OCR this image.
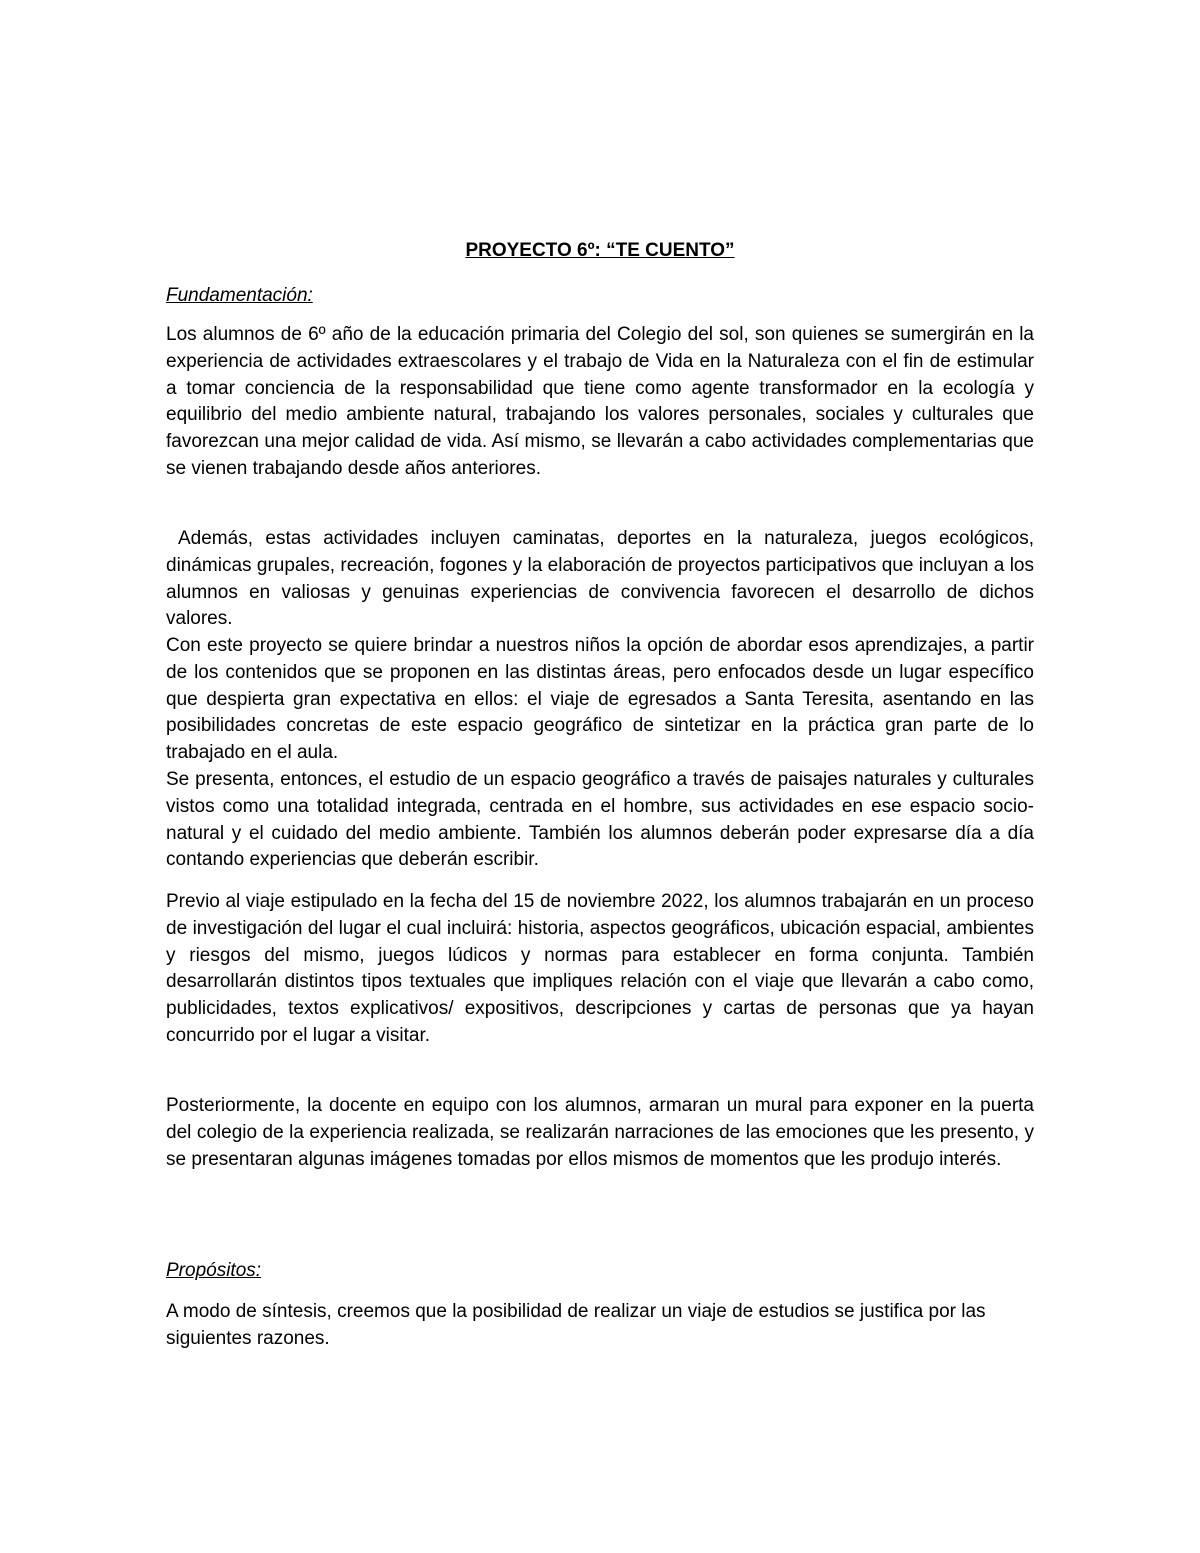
PROYECTO 6º: “TE CUENTO”
Fundamentación:

Los alumnos de 6º año de la educación primaria del Colegio del sol, son quienes se sumergirán en la experiencia de actividades extraescolares y el trabajo de Vida en la Naturaleza con el fin de estimular a tomar conciencia de la responsabilidad que tiene como agente transformador en la ecología y equilibrio del medio ambiente natural, trabajando los valores personales, sociales y culturales que favorezcan una mejor calidad de vida. Así mismo, se llevarán a cabo actividades complementarias que se vienen trabajando desde años anteriores.

Además, estas actividades incluyen caminatas, deportes en la naturaleza, juegos ecológicos, dinámicas grupales, recreación, fogones y la elaboración de proyectos participativos que incluyan a los alumnos en valiosas y genuinas experiencias de convivencia favorecen el desarrollo de dichos valores.

Con este proyecto se quiere brindar a nuestros niños la opción de abordar esos aprendizajes, a partir de los contenidos que se proponen en las distintas áreas, pero enfocados desde un lugar específico que despierta gran expectativa en ellos: el viaje de egresados a Santa Teresita, asentando en las posibilidades concretas de este espacio geográfico de sintetizar en la práctica gran parte de lo trabajado en el aula.

Se presenta, entonces, el estudio de un espacio geográfico a través de paisajes naturales y culturales vistos como una totalidad integrada, centrada en el hombre, sus actividades en ese espacio socio-natural y el cuidado del medio ambiente. También los alumnos deberán poder expresarse día a día contando experiencias que deberán escribir.

Previo al viaje estipulado en la fecha del 15 de noviembre 2022, los alumnos trabajarán en un proceso de investigación del lugar el cual incluirá: historia, aspectos geográficos, ubicación espacial, ambientes y riesgos del mismo, juegos lúdicos y normas para establecer en forma conjunta. También desarrollarán distintos tipos textuales que impliques relación con el viaje que llevarán a cabo como, publicidades, textos explicativos/ expositivos, descripciones y cartas de personas que ya hayan concurrido por el lugar a visitar.

Posteriormente, la docente en equipo con los alumnos, armaran un mural para exponer en la puerta del colegio de la experiencia realizada, se realizarán narraciones de las emociones que les presento, y se presentaran algunas imágenes tomadas por ellos mismos de momentos que les produjo interés.

Propósitos:

A modo de síntesis, creemos que la posibilidad de realizar un viaje de estudios se justifica por las siguientes razones.
